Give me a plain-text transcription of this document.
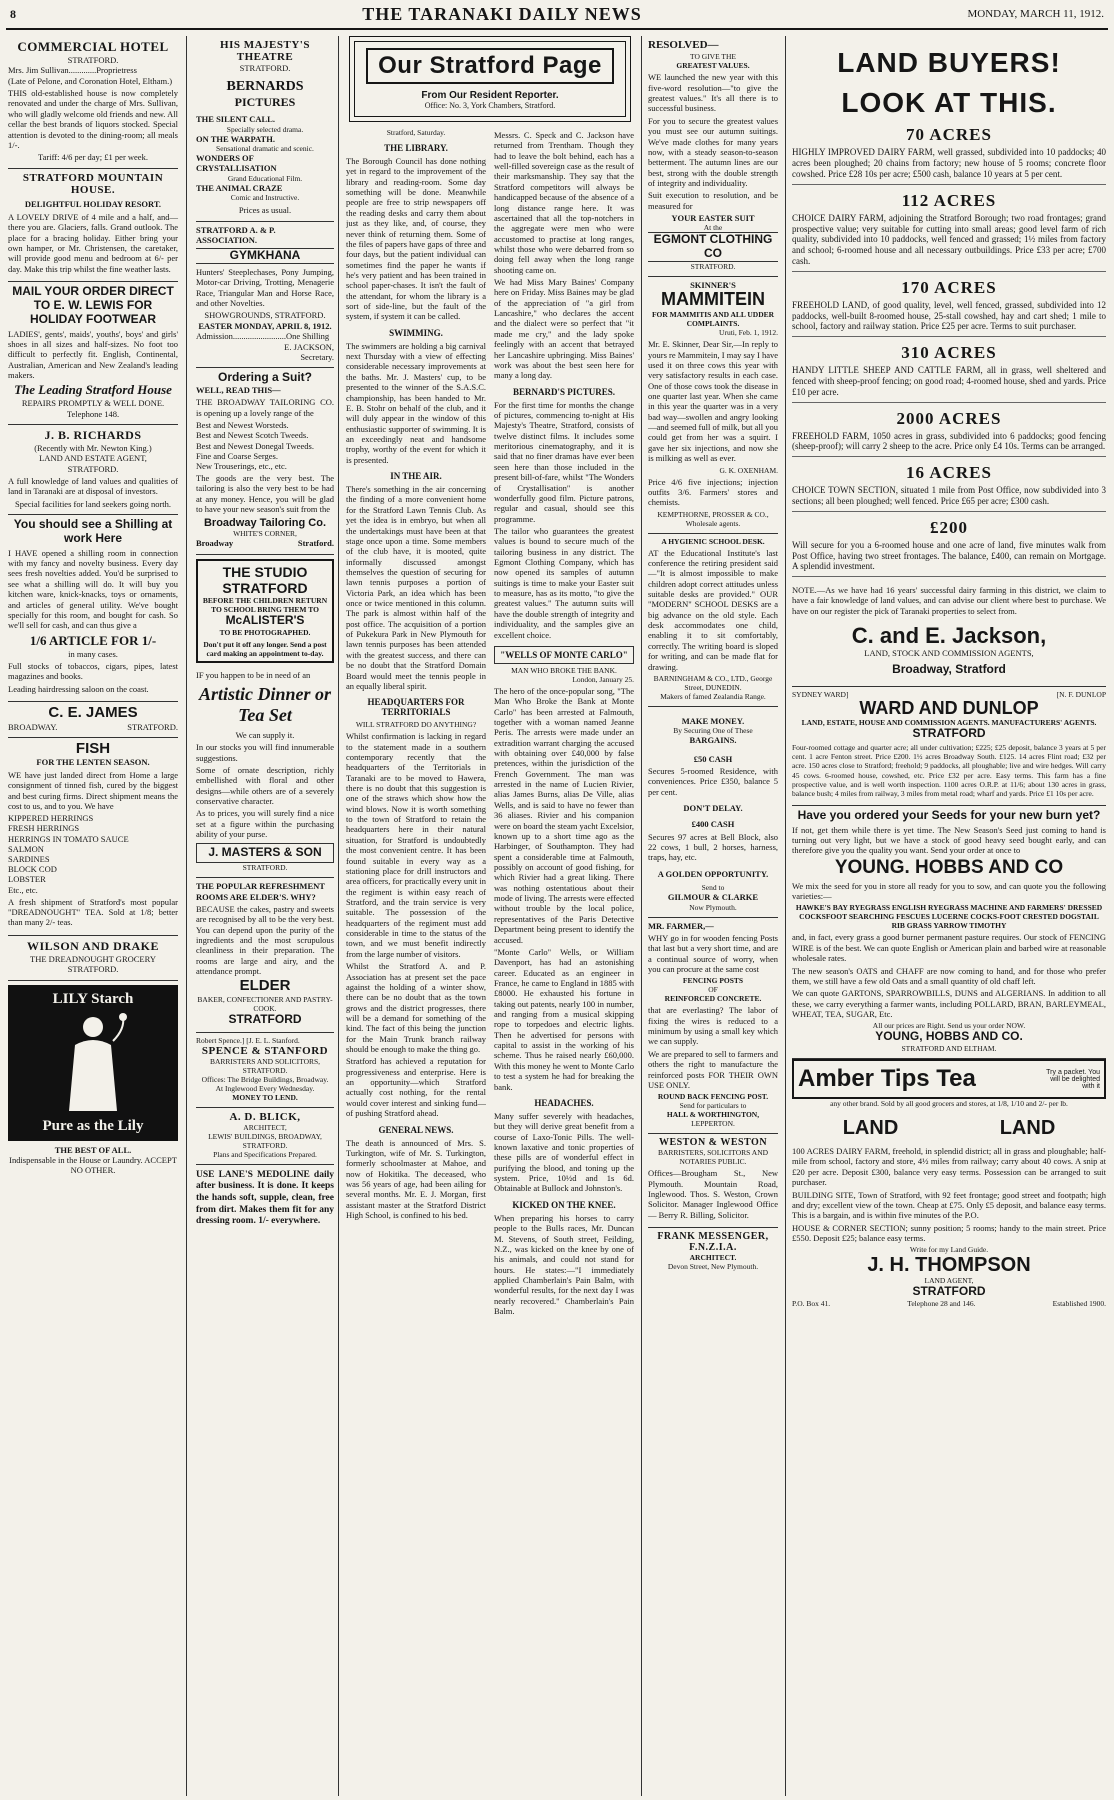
8	THE TARANAKI DAILY NEWS	MONDAY, MARCH 11, 1912.
COMMERCIAL HOTEL
STRATFORD.
Mrs. Jim Sullivan.............Proprietress
(Late of Pelone, and Coronation Hotel, Eltham.)
THIS old-established house is now completely renovated and under the charge of Mrs. Sullivan, who will gladly welcome old friends and new. All cellar the best brands of liquors stocked. Special attention is devoted to the dining-room; all meals 1/-.
Tariff: 4/6 per day; £1 per week.
STRATFORD MOUNTAIN HOUSE.
DELIGHTFUL HOLIDAY RESORT.
A LOVELY DRIVE of 4 mile and a half, and—there you are. Glaciers, falls. Grand outlook. The place for a bracing holiday. Either bring your own hamper, or Mr. Christensen, the caretaker, will provide good menu and bedroom at 6/- per day. Make this trip whilst the fine weather lasts.
MAIL YOUR ORDER DIRECT TO E. W. LEWIS FOR HOLIDAY FOOTWEAR
LADIES', gents', maids', youths', boys' and girls' shoes in all sizes and half-sizes. No foot too difficult to perfectly fit. English, Continental, Australian, American and New Zealand's leading makers.
The Leading Stratford House
REPAIRS PROMPTLY & WELL DONE.
Telephone 148.
J. B. RICHARDS
(Recently with Mr. Newton King.)
LAND AND ESTATE AGENT,
STRATFORD.
A full knowledge of land values and qualities of land in Taranaki are at disposal of investors.
Special facilities for land seekers going north.
You should see a Shilling at work Here
I HAVE opened a shilling room in connection with my fancy and novelty business. Every day sees fresh novelties added. You'd be surprised to see what a shilling will do. It will buy you kitchen ware, knick-knacks, toys or ornaments, and articles of general utility. We've bought specially for this room, and bought for cash. So we'll sell for cash, and can thus give a
1/6 ARTICLE FOR 1/-
in many cases.
Full stocks of tobaccos, cigars, pipes, latest magazines and books.
Leading hairdressing saloon on the coast.
C. E. JAMES
BROADWAY.	STRATFORD.
FISH
FOR THE LENTEN SEASON.
WE have just landed direct from Home a large consignment of tinned fish, cured by the biggest and best curing firms. Direct shipment means the cost to us, and to you. We have
KIPPERED HERRINGS
FRESH HERRINGS
HERRINGS IN TOMATO SAUCE
SALMON
SARDINES
BLOCK COD
LOBSTER
Etc., etc.
A fresh shipment of Stratford's most popular "DREADNOUGHT" TEA. Sold at 1/8; better than many 2/- teas.
WILSON AND DRAKE
THE DREADNOUGHT GROCERY
STRATFORD.
LILY Starch
Pure as the Lily
THE BEST OF ALL.
Indispensable in the House or Laundry. ACCEPT NO OTHER.
HIS MAJESTY'S THEATRE
STRATFORD.
BERNARDS
PICTURES
THE SILENT CALL.
Specially selected drama.
ON THE WARPATH.
Sensational dramatic and scenic.
WONDERS OF CRYSTALLISATION
Grand Educational Film.
THE ANIMAL CRAZE
Comic and Instructive.
Prices as usual.
STRATFORD A. & P. ASSOCIATION.
GYMKHANA
Hunters' Steeplechases, Pony Jumping, Motor-car Driving, Trotting, Menagerie Race, Triangular Man and Horse Race, and other Novelties.
SHOWGROUNDS, STRATFORD.
EASTER MONDAY, APRIL 8, 1912.
Admission.........................One Shilling
E. JACKSON,
Secretary.
Ordering a Suit?
WELL, READ THIS—
THE BROADWAY TAILORING CO. is opening up a lovely range of the
Best and Newest Worsteds.
Best and Newest Scotch Tweeds.
Best and Newest Donegal Tweeds.
Fine and Coarse Serges.
New Trouserings, etc., etc.
The goods are the very best. The tailoring is also the very best to be had at any money. Hence, you will be glad to have your new season's suit from the
Broadway Tailoring Co.
WHITE'S CORNER,
Broadway	Stratford.
THE STUDIO STRATFORD
BEFORE THE CHILDREN RETURN TO SCHOOL BRING THEM TO
McALISTER'S
TO BE PHOTOGRAPHED.
Don't put it off any longer. Send a post card making an appointment to-day.
IF you happen to be in need of an
Artistic Dinner or Tea Set
We can supply it.
In our stocks you will find innumerable suggestions.
Some of ornate description, richly embellished with floral and other designs—while others are of a severely conservative character.
As to prices, you will surely find a nice set at a figure within the purchasing ability of your purse.
J. MASTERS & SON
STRATFORD.
THE POPULAR REFRESHMENT ROOMS ARE ELDER'S. WHY?
BECAUSE the cakes, pastry and sweets are recognised by all to be the very best. You can depend upon the purity of the ingredients and the most scrupulous cleanliness in their preparation. The rooms are large and airy, and the attendance prompt.
ELDER
BAKER, CONFECTIONER AND PASTRY-COOK.
STRATFORD
Robert Spence.] [J. E. L. Stanford.
SPENCE & STANFORD
BARRISTERS AND SOLICITORS, STRATFORD.
Offices: The Bridge Buildings, Broadway.
At Inglewood Every Wednesday.
MONEY TO LEND.
A. D. BLICK,
ARCHITECT,
LEWIS' BUILDINGS, BROADWAY, STRATFORD.
Plans and Specifications Prepared.
USE LANE'S MEDOLINE daily after business. It is done. It keeps the hands soft, supple, clean, free from dirt. Makes them fit for any dressing room. 1/- everywhere.
Our Stratford Page
From Our Resident Reporter.
Office: No. 3, York Chambers, Stratford.
Stratford, Saturday.
THE LIBRARY.
The Borough Council has done nothing yet in regard to the improvement of the library and reading-room. Some day something will be done. Meanwhile people are free to strip newspapers off the reading desks and carry them about just as they like, and, of course, they never think of returning them. Some of the files of papers have gaps of three and four days, but the patient individual can sometimes find the paper he wants if he's very patient and has been trained in school paper-chases. It isn't the fault of the attendant, for whom the library is a sort of side-line, but the fault of the system, if system it can be called.
SWIMMING.
The swimmers are holding a big carnival next Thursday with a view of effecting considerable necessary improvements at the baths. Mr. J. Masters' cup, to be presented to the winner of the S.A.S.C. championship, has been handed to Mr. E. B. Stohr on behalf of the club, and it will duly appear in the window of this enthusiastic supporter of swimming. It is an exceedingly neat and handsome trophy, worthy of the event for which it is presented.
IN THE AIR.
There's something in the air concerning the finding of a more convenient home for the Stratford Lawn Tennis Club. As yet the idea is in embryo, but when all the undertakings must have been at that stage once upon a time. Some members of the club have, it is mooted, quite informally discussed amongst themselves the question of securing for lawn tennis purposes a portion of Victoria Park, an idea which has been once or twice mentioned in this column. The park is almost within half of the post office. The acquisition of a portion of Pukekura Park in New Plymouth for lawn tennis purposes has been attended with the greatest success, and there can be no doubt that the Stratford Domain Board would meet the tennis people in an equally liberal spirit.
HEADQUARTERS FOR TERRITORIALS
WILL STRATFORD DO ANYTHING?
Whilst confirmation is lacking in regard to the statement made in a southern contemporary recently that the headquarters of the Territorials in Taranaki are to be moved to Hawera, there is no doubt that this suggestion is one of the straws which show how the wind blows. Now it is worth something to the town of Stratford to retain the headquarters here in their natural situation, for Stratford is undoubtedly the most convenient centre. It has been found suitable in every way as a stationing place for drill instructors and area officers, for practically every unit in the regiment is within easy reach of Stratford, and the train service is very suitable. The possession of the headquarters of the regiment must add considerable in time to the status of the town, and we must benefit indirectly from the large number of visitors.
Whilst the Stratford A. and P. Association has at present set the pace against the holding of a winter show, there can be no doubt that as the town grows and the district progresses, there will be a demand for something of the kind. The fact of this being the junction for the Main Trunk branch railway should be enough to make the thing go.
Stratford has achieved a reputation for progressiveness and enterprise. Here is an opportunity—which Stratford actually cost nothing, for the rental would cover interest and sinking fund—of pushing Stratford ahead.
GENERAL NEWS.
The death is announced of Mrs. S. Turkington, wife of Mr. S. Turkington, formerly schoolmaster at Mahoe, and now of Hokitika. The deceased, who was 56 years of age, had been ailing for several months. Mr. E. J. Morgan, first assistant master at the Stratford District High School, is confined to his bed.
Messrs. C. Speck and C. Jackson have returned from Trentham. Though they had to leave the bolt behind, each has a well-filled sovereign case as the result of their marksmanship. They say that the Stratford competitors will always be handicapped because of the absence of a long distance range here. It was ascertained that all the top-notchers in the aggregate were men who were accustomed to practise at long ranges, whilst those who were debarred from so doing fell away when the long range shooting came on.
We had Miss Mary Baines' Company here on Friday. Miss Baines may be glad of the appreciation of "a girl from Lancashire," who declares the accent and the dialect were so perfect that "it made me cry," and the lady spoke feelingly with an accent that betrayed her Lancashire upbringing. Miss Baines' work was about the best seen here for many a long day.
BERNARD'S PICTURES.
For the first time for months the change of pictures, commencing to-night at His Majesty's Theatre, Stratford, consists of twelve distinct films. It includes some meritorious cinematography, and it is said that no finer dramas have ever been seen here than those included in the present bill-of-fare, whilst "The Wonders of Crystallisation" is another wonderfully good film. Picture patrons, regular and casual, should see this programme.
The tailor who guarantees the greatest values is bound to secure much of the tailoring business in any district. The Egmont Clothing Company, which has now opened its samples of autumn suitings is time to make your Easter suit to measure, has as its motto, "to give the greatest values." The autumn suits will have the double strength of integrity and individuality, and the samples give an excellent choice.
"WELLS OF MONTE CARLO"
MAN WHO BROKE THE BANK.
London, January 25.
The hero of the once-popular song, "The Man Who Broke the Bank at Monte Carlo" has been arrested at Falmouth, together with a woman named Jeanne Peris. The arrests were made under an extradition warrant charging the accused with obtaining over £40,000 by false pretences, within the jurisdiction of the French Government. The man was arrested in the name of Lucien Rivier, alias James Burns, alias De Ville, alias Wells, and is said to have no fewer than 36 aliases. Rivier and his companion were on board the steam yacht Excelsior, known up to a short time ago as the Harbinger, of Southampton. They had spent a considerable time at Falmouth, possibly on account of good fishing, for which Rivier had a great liking. There was nothing ostentatious about their mode of living. The arrests were effected without trouble by the local police, representatives of the Paris Detective Department being present to identify the accused.
"Monte Carlo" Wells, or William Davenport, has had an astonishing career. Educated as an engineer in France, he came to England in 1885 with £8000. He exhausted his fortune in taking out patents, nearly 100 in number, and ranging from a musical skipping rope to torpedoes and electric lights. Then he advertised for persons with capital to assist in the working of his scheme. Thus he raised nearly £60,000. With this money he went to Monte Carlo to test a system he had for breaking the bank.
HEADACHES.
Many suffer severely with headaches, but they will derive great benefit from a course of Laxo-Tonic Pills. The well-known laxative and tonic properties of these pills are of wonderful effect in purifying the blood, and toning up the system. Price, 10½d and 1s 6d. Obtainable at Bullock and Johnston's.
KICKED ON THE KNEE.
When preparing his horses to carry people to the Bulls races, Mr. Duncan M. Stevens, of South street, Feilding, N.Z., was kicked on the knee by one of his animals, and could not stand for hours. He states:—"I immediately applied Chamberlain's Pain Balm, with wonderful results, for the next day I was nearly recovered." Chamberlain's Pain Balm.
RESOLVED—
TO GIVE THE
GREATEST VALUES.
WE launched the new year with this five-word resolution—"to give the greatest values." It's all there is to successful business.
For you to secure the greatest values you must see our autumn suitings. We've made clothes for many years now, with a steady season-to-season betterment. The autumn lines are our best, strong with the double strength of integrity and individuality.
Suit execution to resolution, and be measured for
YOUR EASTER SUIT
At the
EGMONT CLOTHING CO
STRATFORD.
SKINNER'S
MAMMITEIN
FOR MAMMITIS AND ALL UDDER COMPLAINTS.
Uruti, Feb. 1, 1912.
Mr. E. Skinner, Dear Sir,—In reply to yours re Mammitein, I may say I have used it on three cows this year with very satisfactory results in each case. One of those cows took the disease in one quarter last year. When she came in this year the quarter was in a very bad way—swollen and angry looking—and seemed full of milk, but all you could get from her was a squirt. I gave her six injections, and now she is milking as well as ever.
G. K. OXENHAM.
Price 4/6 five injections; injection outfits 3/6. Farmers' stores and chemists.
KEMPTHORNE, PROSSER & CO., Wholesale agents.
A HYGIENIC SCHOOL DESK.
AT the Educational Institute's last conference the retiring president said—"It is almost impossible to make children adopt correct attitudes unless suitable desks are provided." OUR "MODERN" SCHOOL DESKS are a big advance on the old style. Each desk accommodates one child, enabling it to sit comfortably, correctly. The writing board is sloped for writing, and can be made flat for drawing.
BARNINGHAM & CO., LTD., George Street, DUNEDIN.
Makers of famed Zealandia Range.
MAKE MONEY.
By Securing One of These
BARGAINS.
£50 CASH
Secures 5-roomed Residence, with conveniences. Price £350, balance 5 per cent.
DON'T DELAY.
£400 CASH
Secures 97 acres at Bell Block, also 22 cows, 1 bull, 2 horses, harness, traps, hay, etc.
A GOLDEN OPPORTUNITY.
Send to
GILMOUR & CLARKE
Now Plymouth.
MR. FARMER,—
WHY go in for wooden fencing Posts that last but a very short time, and are a continual source of worry, when you can procure at the same cost
FENCING POSTS
OF
REINFORCED CONCRETE.
that are everlasting? The labor of fixing the wires is reduced to a minimum by using a small key which we can supply.
We are prepared to sell to farmers and others the right to manufacture the reinforced posts FOR THEIR OWN USE ONLY.
ROUND BACK FENCING POST.
Send for particulars to
HALL & WORTHINGTON,
LEPPERTON.
WESTON & WESTON
BARRISTERS, SOLICITORS AND NOTARIES PUBLIC.
Offices—Brougham St., New Plymouth. Mountain Road, Inglewood. Thos. S. Weston, Crown Solicitor. Manager Inglewood Office — Berry R. Billing, Solicitor.
FRANK MESSENGER, F.N.Z.I.A.
ARCHITECT.
Devon Street, New Plymouth.
LAND BUYERS!
LOOK AT THIS.
70 ACRES
HIGHLY IMPROVED DAIRY FARM, well grassed, subdivided into 10 paddocks; 40 acres been ploughed; 20 chains from factory; new house of 5 rooms; concrete floor cowshed. Price £28 10s per acre; £500 cash, balance 10 years at 5 per cent.
112 ACRES
CHOICE DAIRY FARM, adjoining the Stratford Borough; two road frontages; grand prospective value; very suitable for cutting into small areas; good level farm of rich quality, subdivided into 10 paddocks, well fenced and grassed; 1½ miles from factory and school; 6-roomed house and all necessary outbuildings. Price £33 per acre; £700 cash.
170 ACRES
FREEHOLD LAND, of good quality, level, well fenced, grassed, subdivided into 12 paddocks, well-built 8-roomed house, 25-stall cowshed, hay and cart shed; 1 mile to school, factory and railway station. Price £25 per acre. Terms to suit purchaser.
310 ACRES
HANDY LITTLE SHEEP AND CATTLE FARM, all in grass, well sheltered and fenced with sheep-proof fencing; on good road; 4-roomed house, shed and yards. Price £10 per acre.
2000 ACRES
FREEHOLD FARM, 1050 acres in grass, subdivided into 6 paddocks; good fencing (sheep-proof); will carry 2 sheep to the acre. Price only £4 10s. Terms can be arranged.
16 ACRES
CHOICE TOWN SECTION, situated 1 mile from Post Office, now subdivided into 3 sections; all been ploughed; well fenced. Price £65 per acre; £300 cash.
£200
Will secure for you a 6-roomed house and one acre of land, five minutes walk from Post Office, having two street frontages. The balance, £400, can remain on Mortgage. A splendid investment.
NOTE.—As we have had 16 years' successful dairy farming in this district, we claim to have a fair knowledge of land values, and can advise our client where best to purchase. We have on our register the pick of Taranaki properties to select from.
C. and E. Jackson,
LAND, STOCK AND COMMISSION AGENTS,
Broadway, Stratford
SYDNEY WARD]	[N. F. DUNLOP
WARD AND DUNLOP
LAND, ESTATE, HOUSE AND COMMISSION AGENTS. MANUFACTURERS' AGENTS.
STRATFORD
Four-roomed cottage and quarter acre; all under cultivation; £225; £25 deposit, balance 3 years at 5 per cent. 1 acre Fenton street. Price £200. 1½ acres Broadway South. £125. 14 acres Flint road; £32 per acre. 150 acres close to Stratford; freehold; 9 paddocks, all ploughable; live and wire hedges. Will carry 45 cows. 6-roomed house, cowshed, etc. Price £32 per acre. Easy terms. This farm has a fine prospective value, and is well worth inspection. 1100 acres O.R.P. at 11/6; about 130 acres in grass, balance bush; 4 miles from railway, 3 miles from metal road; wharf and yards. Price £1 10s per acre.
Have you ordered your Seeds for your new burn yet?
If not, get them while there is yet time. The New Season's Seed just coming to hand is turning out very light, but we have a stock of good heavy seed bought early, and can therefore give you the quality you want. Send your order at once to
YOUNG. HOBBS AND CO
We mix the seed for you in store all ready for you to sow, and can quote you the following varieties:—
HAWKE'S BAY RYEGRASS ENGLISH RYEGRASS MACHINE AND FARMERS' DRESSED COCKSFOOT SEARCHING FESCUES LUCERNE COCKS-FOOT CRESTED DOGSTAIL RIB GRASS YARROW TIMOTHY
and, in fact, every grass a good burner permanent pasture requires. Our stock of FENCING WIRE is of the best. We can quote English or American plain and barbed wire at reasonable wholesale rates.
The new season's OATS and CHAFF are now coming to hand, and for those who prefer them, we still have a few old Oats and a small quantity of old chaff left.
We can quote GARTONS, SPARROWBILLS, DUNS and ALGERIANS. In addition to all these, we carry everything a farmer wants, including POLLARD, BRAN, BARLEYMEAL, WHEAT, TEA, SUGAR, Etc.
All our prices are Right. Send us your order NOW.
YOUNG, HOBBS AND CO.
STRATFORD AND ELTHAM.
Amber Tips Tea	Try a packet. You will be delighted with it
any other brand. Sold by all good grocers and stores, at 1/8, 1/10 and 2/- per lb.
LAND	LAND
100 ACRES DAIRY FARM, freehold, in splendid district; all in grass and ploughable; half-mile from school, factory and store, 4½ miles from railway; carry about 40 cows. A snip at £20 per acre. Deposit £300, balance very easy terms. Possession can be arranged to suit purchaser.
BUILDING SITE, Town of Stratford, with 92 feet frontage; good street and footpath; high and dry; excellent view of the town. Cheap at £75. Only £5 deposit, and balance easy terms. This is a bargain, and is within five minutes of the P.O.
HOUSE & CORNER SECTION; sunny position; 5 rooms; handy to the main street. Price £550. Deposit £25; balance easy terms.
Write for my Land Guide.
J. H. THOMPSON
LAND AGENT,
STRATFORD
P.O. Box 41.	Telephone 28 and 146.	Established 1900.
